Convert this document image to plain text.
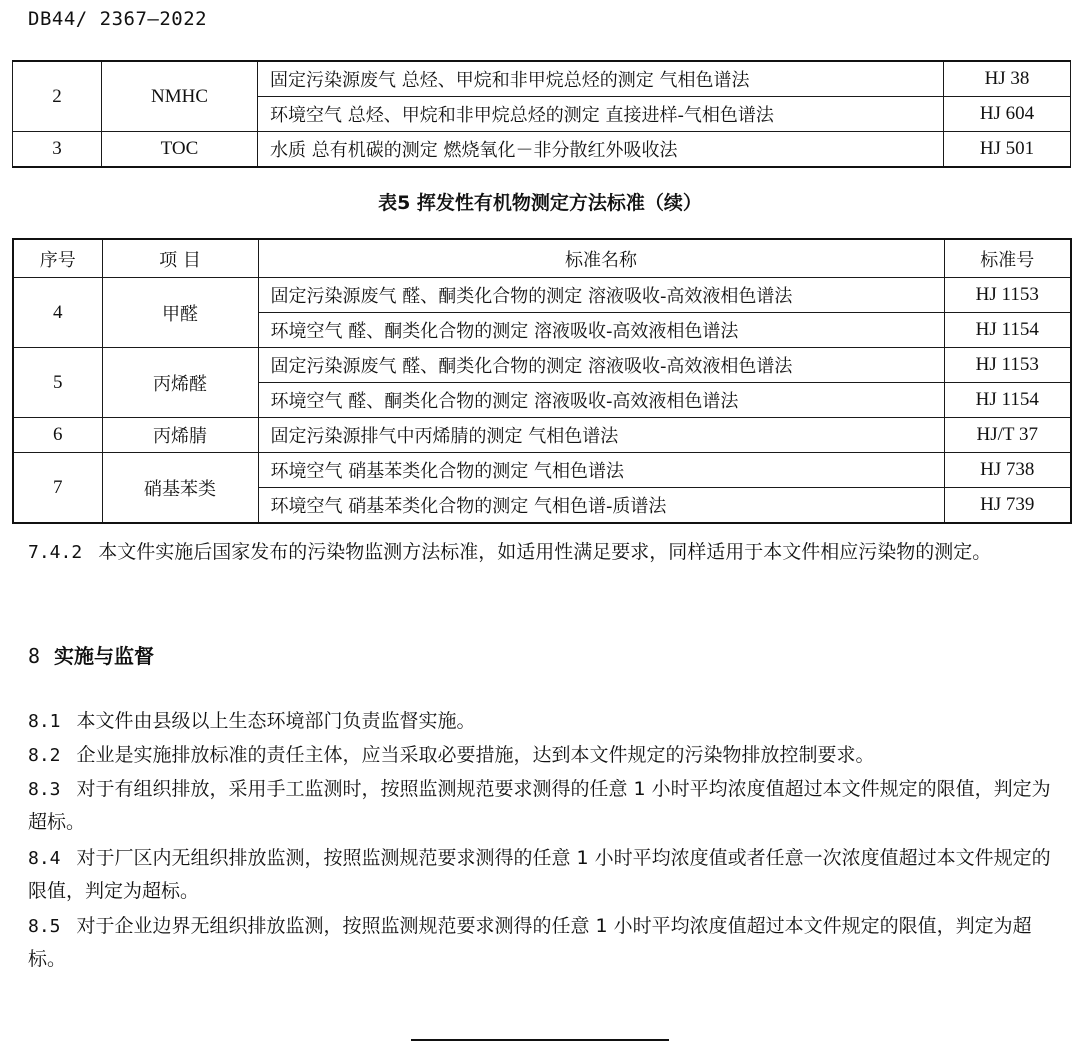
DB44/ 2367—2022
2	NMHC	固定污染源废气 总烃、甲烷和非甲烷总烃的测定 气相色谱法	HJ 38
		环境空气 总烃、甲烷和非甲烷总烃的测定 直接进样-气相色谱法	HJ 604
3	TOC	水质 总有机碳的测定 燃烧氧化－非分散红外吸收法	HJ 501
表5 挥发性有机物测定方法标准（续）
序号	项 目	标准名称	标准号
4	甲醛	固定污染源废气 醛、酮类化合物的测定 溶液吸收-高效液相色谱法	HJ 1153
		环境空气 醛、酮类化合物的测定 溶液吸收-高效液相色谱法	HJ 1154
5	丙烯醛	固定污染源废气 醛、酮类化合物的测定 溶液吸收-高效液相色谱法	HJ 1153
		环境空气 醛、酮类化合物的测定 溶液吸收-高效液相色谱法	HJ 1154
6	丙烯腈	固定污染源排气中丙烯腈的测定 气相色谱法	HJ/T 37
7	硝基苯类	环境空气 硝基苯类化合物的测定 气相色谱法	HJ 738
		环境空气 硝基苯类化合物的测定 气相色谱-质谱法	HJ 739
7.4.2 本文件实施后国家发布的污染物监测方法标准，如适用性满足要求，同样适用于本文件相应污染物的测定。
8 实施与监督
8.1 本文件由县级以上生态环境部门负责监督实施。
8.2 企业是实施排放标准的责任主体，应当采取必要措施，达到本文件规定的污染物排放控制要求。
8.3 对于有组织排放，采用手工监测时，按照监测规范要求测得的任意 1 小时平均浓度值超过本文件规定的限值，判定为超标。
8.4 对于厂区内无组织排放监测，按照监测规范要求测得的任意 1 小时平均浓度值或者任意一次浓度值超过本文件规定的限值，判定为超标。
8.5 对于企业边界无组织排放监测，按照监测规范要求测得的任意 1 小时平均浓度值超过本文件规定的限值，判定为超标。
